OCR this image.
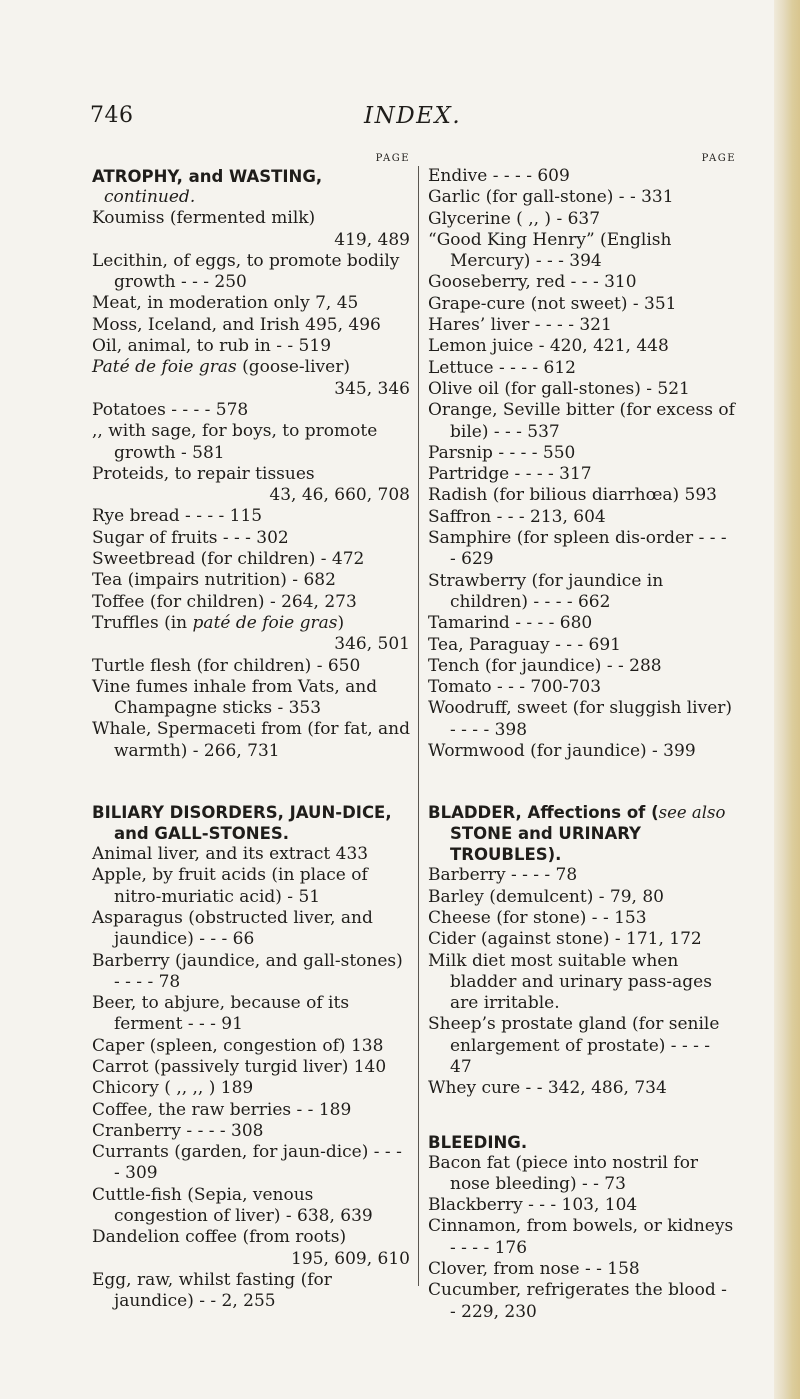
746	INDEX.
PAGE
ATROPHY, and WASTING,
continued.
Koumiss (fermented milk)
419, 489
Lecithin, of eggs, to promote bodily growth - - - 250
Meat, in moderation only 7, 45
Moss, Iceland, and Irish 495, 496
Oil, animal, to rub in - - 519
Paté de foie gras (goose-liver)
345, 346
Potatoes - - - - 578
,, with sage, for boys, to promote growth - 581
Proteids, to repair tissues
43, 46, 660, 708
Rye bread - - - - 115
Sugar of fruits - - - 302
Sweetbread (for children) - 472
Tea (impairs nutrition) - 682
Toffee (for children) - 264, 273
Truffles (in paté de foie gras)
346, 501
Turtle flesh (for children) - 650
Vine fumes inhale from Vats, and Champagne sticks - 353
Whale, Spermaceti from (for fat, and warmth) - 266, 731
BILIARY DISORDERS, JAUN-DICE, and GALL-STONES.
Animal liver, and its extract 433
Apple, by fruit acids (in place of nitro-muriatic acid) - 51
Asparagus (obstructed liver, and jaundice) - - - 66
Barberry (jaundice, and gall-stones) - - - - 78
Beer, to abjure, because of its ferment - - - 91
Caper (spleen, congestion of) 138
Carrot (passively turgid liver) 140
Chicory ( ,, ,, ) 189
Coffee, the raw berries - - 189
Cranberry - - - - 308
Currants (garden, for jaun-dice) - - - - 309
Cuttle-fish (Sepia, venous congestion of liver) - 638, 639
Dandelion coffee (from roots)
195, 609, 610
Egg, raw, whilst fasting (for jaundice) - - 2, 255
PAGE
Endive - - - - 609
Garlic (for gall-stone) - - 331
Glycerine ( ,, ) - 637
“Good King Henry” (English Mercury) - - - 394
Gooseberry, red - - - 310
Grape-cure (not sweet) - 351
Hares’ liver - - - - 321
Lemon juice - 420, 421, 448
Lettuce - - - - 612
Olive oil (for gall-stones) - 521
Orange, Seville bitter (for excess of bile) - - - 537
Parsnip - - - - 550
Partridge - - - - 317
Radish (for bilious diarrhœa) 593
Saffron - - - 213, 604
Samphire (for spleen dis-order - - - - 629
Strawberry (for jaundice in children) - - - - 662
Tamarind - - - - 680
Tea, Paraguay - - - 691
Tench (for jaundice) - - 288
Tomato - - - 700-703
Woodruff, sweet (for sluggish liver) - - - - 398
Wormwood (for jaundice) - 399
BLADDER, Affections of (see also STONE and URINARY TROUBLES).
Barberry - - - - 78
Barley (demulcent) - 79, 80
Cheese (for stone) - - 153
Cider (against stone) - 171, 172
Milk diet most suitable when bladder and urinary pass-ages are irritable.
Sheep’s prostate gland (for senile enlargement of prostate) - - - - 47
Whey cure - - 342, 486, 734
BLEEDING.
Bacon fat (piece into nostril for nose bleeding) - - 73
Blackberry - - - 103, 104
Cinnamon, from bowels, or kidneys - - - - 176
Clover, from nose - - 158
Cucumber, refrigerates the blood - - 229, 230
